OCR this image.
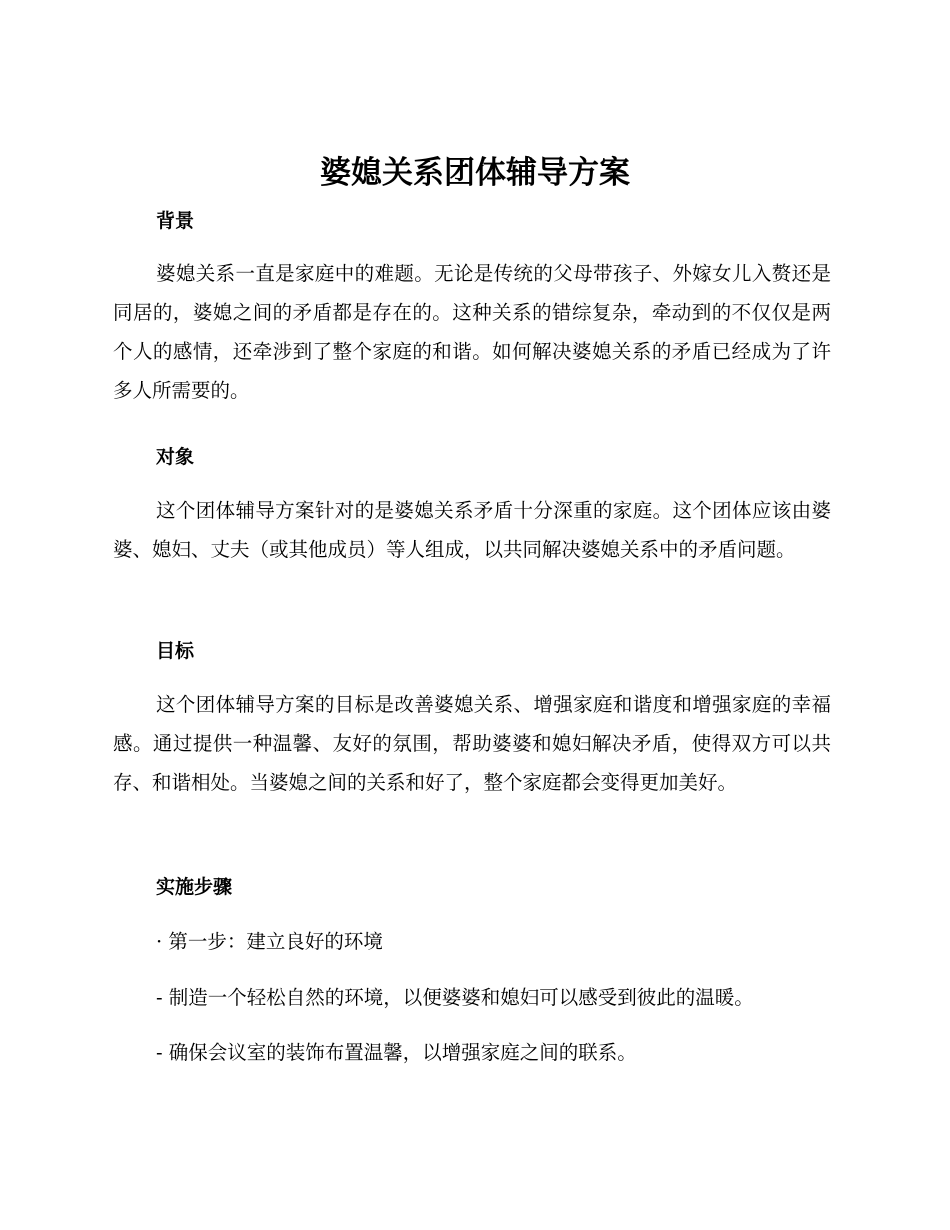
婆媳关系团体辅导方案
背景

婆媳关系一直是家庭中的难题。无论是传统的父母带孩子、外嫁女儿入赘还是同居的，婆媳之间的矛盾都是存在的。这种关系的错综复杂，牵动到的不仅仅是两个人的感情，还牵涉到了整个家庭的和谐。如何解决婆媳关系的矛盾已经成为了许多人所需要的。

对象

这个团体辅导方案针对的是婆媳关系矛盾十分深重的家庭。这个团体应该由婆婆、媳妇、丈夫（或其他成员）等人组成，以共同解决婆媳关系中的矛盾问题。

目标

这个团体辅导方案的目标是改善婆媳关系、增强家庭和谐度和增强家庭的幸福感。通过提供一种温馨、友好的氛围，帮助婆婆和媳妇解决矛盾，使得双方可以共存、和谐相处。当婆媳之间的关系和好了，整个家庭都会变得更加美好。

实施步骤

· 第一步：建立良好的环境

- 制造一个轻松自然的环境，以便婆婆和媳妇可以感受到彼此的温暖。

- 确保会议室的装饰布置温馨，以增强家庭之间的联系。
